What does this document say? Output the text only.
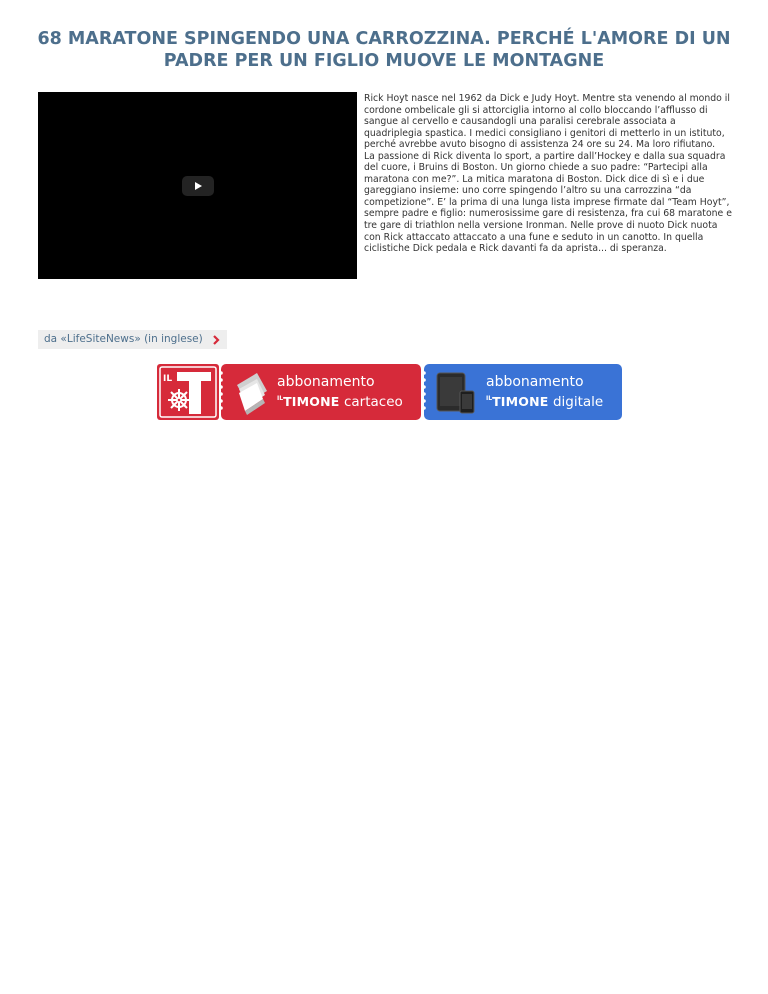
68 MARATONE SPINGENDO UNA CARROZZINA. PERCHÉ L'AMORE DI UN PADRE PER UN FIGLIO MUOVE LE MONTAGNE

Rick Hoyt nasce nel 1962 da Dick e Judy Hoyt. Mentre sta venendo al mondo il cordone ombelicale gli si attorciglia intorno al collo bloccando l’afflusso di sangue al cervello e causandogli una paralisi cerebrale associata a quadriplegia spastica. I medici consigliano i genitori di metterlo in un istituto, perché avrebbe avuto bisogno di assistenza 24 ore su 24. Ma loro rifiutano.

La passione di Rick diventa lo sport, a partire dall’Hockey e dalla sua squadra del cuore, i Bruins di Boston. Un giorno chiede a suo padre: “Partecipi alla maratona con me?”. La mitica maratona di Boston. Dick dice di sì e i due gareggiano insieme: uno corre spingendo l’altro su una carrozzina “da competizione”. E’ la prima di una lunga lista imprese firmate dal “Team Hoyt”, sempre padre e figlio: numerosissime gare di resistenza, fra cui 68 maratone e tre gare di triathlon nella versione Ironman. Nelle prove di nuoto Dick nuota con Rick attaccato attaccato a una fune e seduto in un canotto. In quella ciclistiche Dick pedala e Rick davanti fa da aprista... di speranza.

da «LifeSiteNews» (in inglese)
IL	abbonamento
$^{IL}$TIMONE cartaceo
abbonamento
$^{IL}$TIMONE digitale
